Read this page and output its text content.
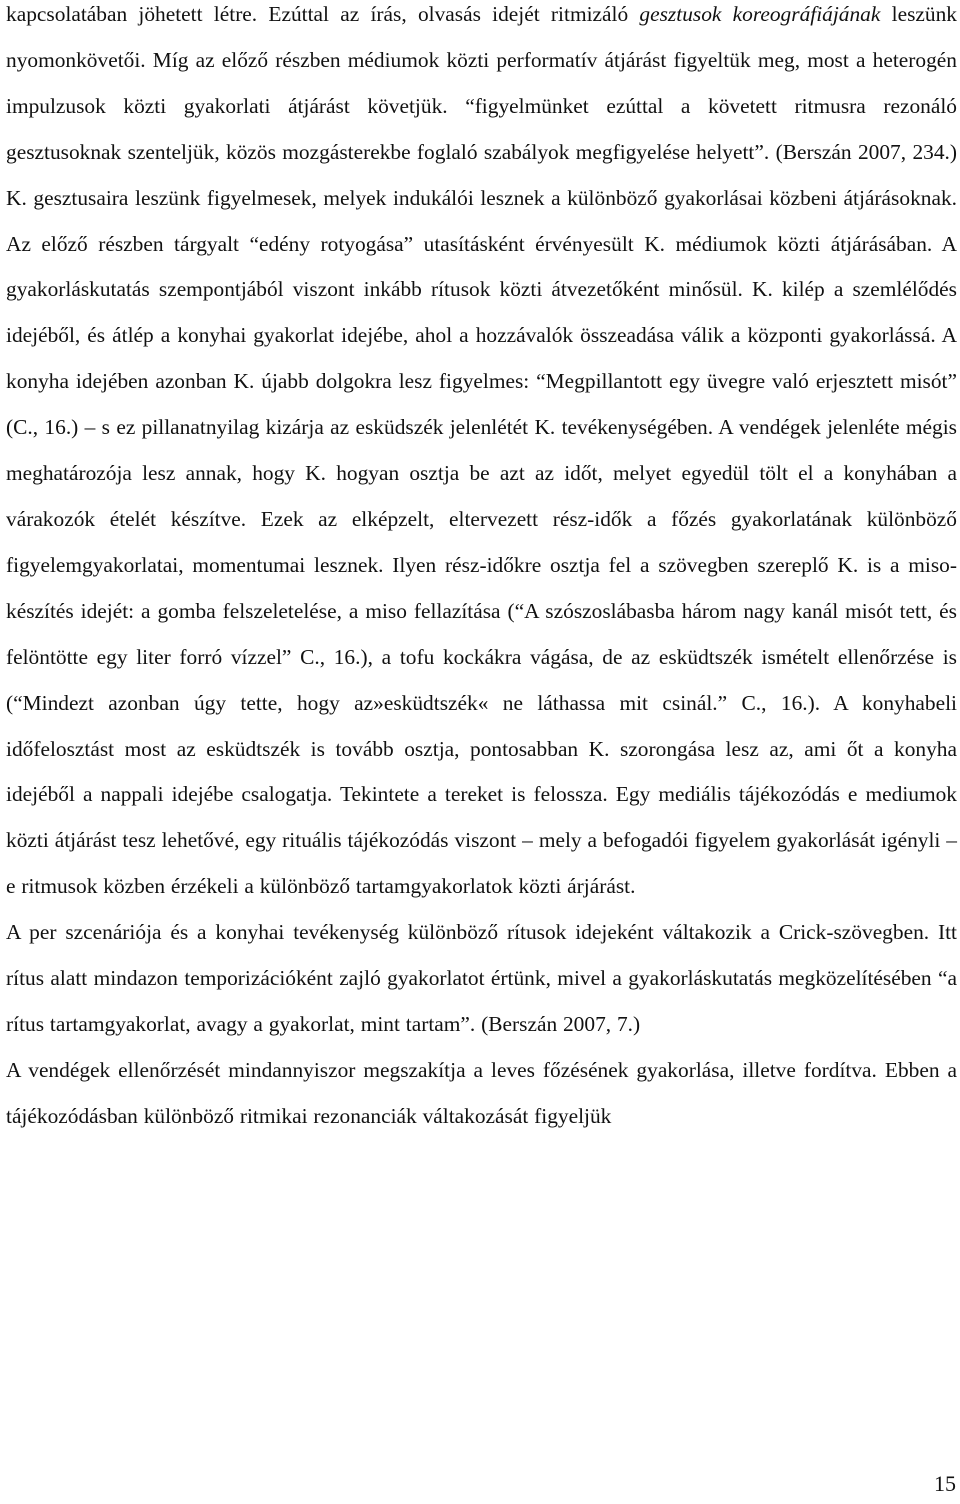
kapcsolatában jöhetett létre. Ezúttal az írás, olvasás idejét ritmizáló gesztusok koreográfiájának leszünk nyomonkövetői. Míg az előző részben médiumok közti performatív átjárást figyeltük meg, most a heterogén impulzusok közti gyakorlati átjárást követjük. “figyelmünket ezúttal a követett ritmusra rezonáló gesztusoknak szenteljük, közös mozgásterekbe foglaló szabályok megfigyelése helyett”. (Berszán 2007, 234.) K. gesztusaira leszünk figyelmesek, melyek indukálói lesznek a különböző gyakorlásai közbeni átjárásoknak. Az előző részben tárgyalt “edény rotyogása” utasításként érvényesült K. médiumok közti átjárásában. A gyakorláskutatás szempontjából viszont inkább rítusok közti átvezetőként minősül. K. kilép a szemlélődés idejéből, és átlép a konyhai gyakorlat idejébe, ahol a hozzávalók összeadása válik a központi gyakorlássá. A konyha idejében azonban K. újabb dolgokra lesz figyelmes: “Megpillantott egy üvegre való erjesztett misót” (C., 16.) – s ez pillanatnyilag kizárja az esküdszék jelenlétét K. tevékenységében. A vendégek jelenléte mégis meghatározója lesz annak, hogy K. hogyan osztja be azt az időt, melyet egyedül tölt el a konyhában a várakozók ételét készítve. Ezek az elképzelt, eltervezett rész-idők a főzés gyakorlatának különböző figyelemgyakorlatai, momentumai lesznek. Ilyen rész-időkre osztja fel a szövegben szereplő K. is a miso-készítés idejét: a gomba felszeletelése, a miso fellazítása (“A szószoslábasba három nagy kanál misót tett, és felöntötte egy liter forró vízzel” C., 16.), a tofu kockákra vágása, de az esküdtszék ismételt ellenőrzése is (“Mindezt azonban úgy tette, hogy az»esküdtszék« ne láthassa mit csinál.” C., 16.). A konyhabeli időfelosztást most az esküdtszék is tovább osztja, pontosabban K. szorongása lesz az, ami őt a konyha idejéből a nappali idejébe csalogatja. Tekintete a tereket is felossza. Egy mediális tájékozódás e mediumok közti átjárást tesz lehetővé, egy rituális tájékozódás viszont – mely a befogadói figyelem gyakorlását igényli – e ritmusok közben érzékeli a különböző tartamgyakorlatok közti árjárást.

A per szcenáriója és a konyhai tevékenység különböző rítusok idejeként váltakozik a Crick-szövegben. Itt rítus alatt mindazon temporizációként zajló gyakorlatot értünk, mivel a gyakorláskutatás megközelítésében “a rítus tartamgyakorlat, avagy a gyakorlat, mint tartam”. (Berszán 2007, 7.)

A vendégek ellenőrzését mindannyiszor megszakítja a leves főzésének gyakorlása, illetve fordítva. Ebben a tájékozódásban különböző ritmikai rezonanciák váltakozását figyeljük

15
